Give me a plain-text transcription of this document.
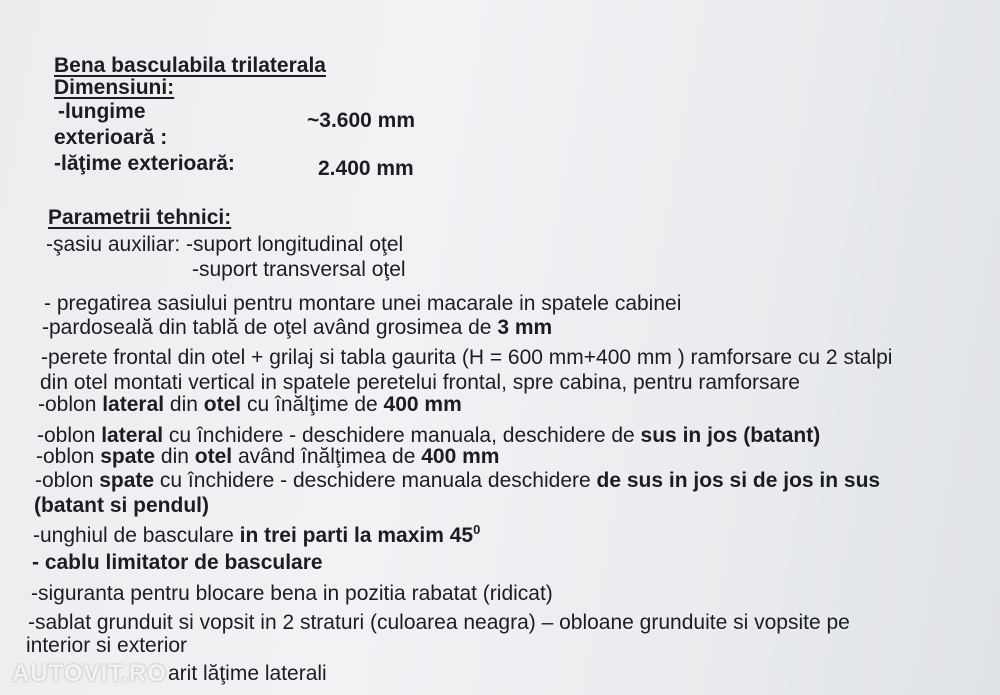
Bena basculabila trilaterala
Dimensiuni:
-lungime	~3.600 mm
exterioară :
-lăţime exterioară:	2.400 mm
Parametrii tehnici:
-şasiu auxiliar: -suport longitudinal oţel
-suport transversal oţel
- pregatirea sasiului pentru montare unei macarale in spatele cabinei
-pardoseală din tablă de oţel având grosimea de 3 mm
-perete frontal din otel + grilaj si tabla gaurita (H = 600 mm+400 mm ) ramforsare cu 2 stalpi
din otel montati vertical in spatele peretelui frontal, spre cabina, pentru ramforsare
-oblon lateral din otel cu înălţime de 400 mm
-oblon lateral cu închidere - deschidere manuala, deschidere de sus in jos (batant)
-oblon spate din otel având înălţimea de 400 mm
-oblon spate cu închidere - deschidere manuala deschidere de sus in jos si de jos in sus
(batant si pendul)
-unghiul de basculare in trei parti la maxim $45^0$
- cablu limitator de basculare
-siguranta pentru blocare bena in pozitia rabatat (ridicat)
-sablat grunduit si vopsit in 2 straturi (culoarea neagra) – obloane grunduite si vopsite pe
interior si exterior
arit lăţime laterali
AUTOVIT.RO
